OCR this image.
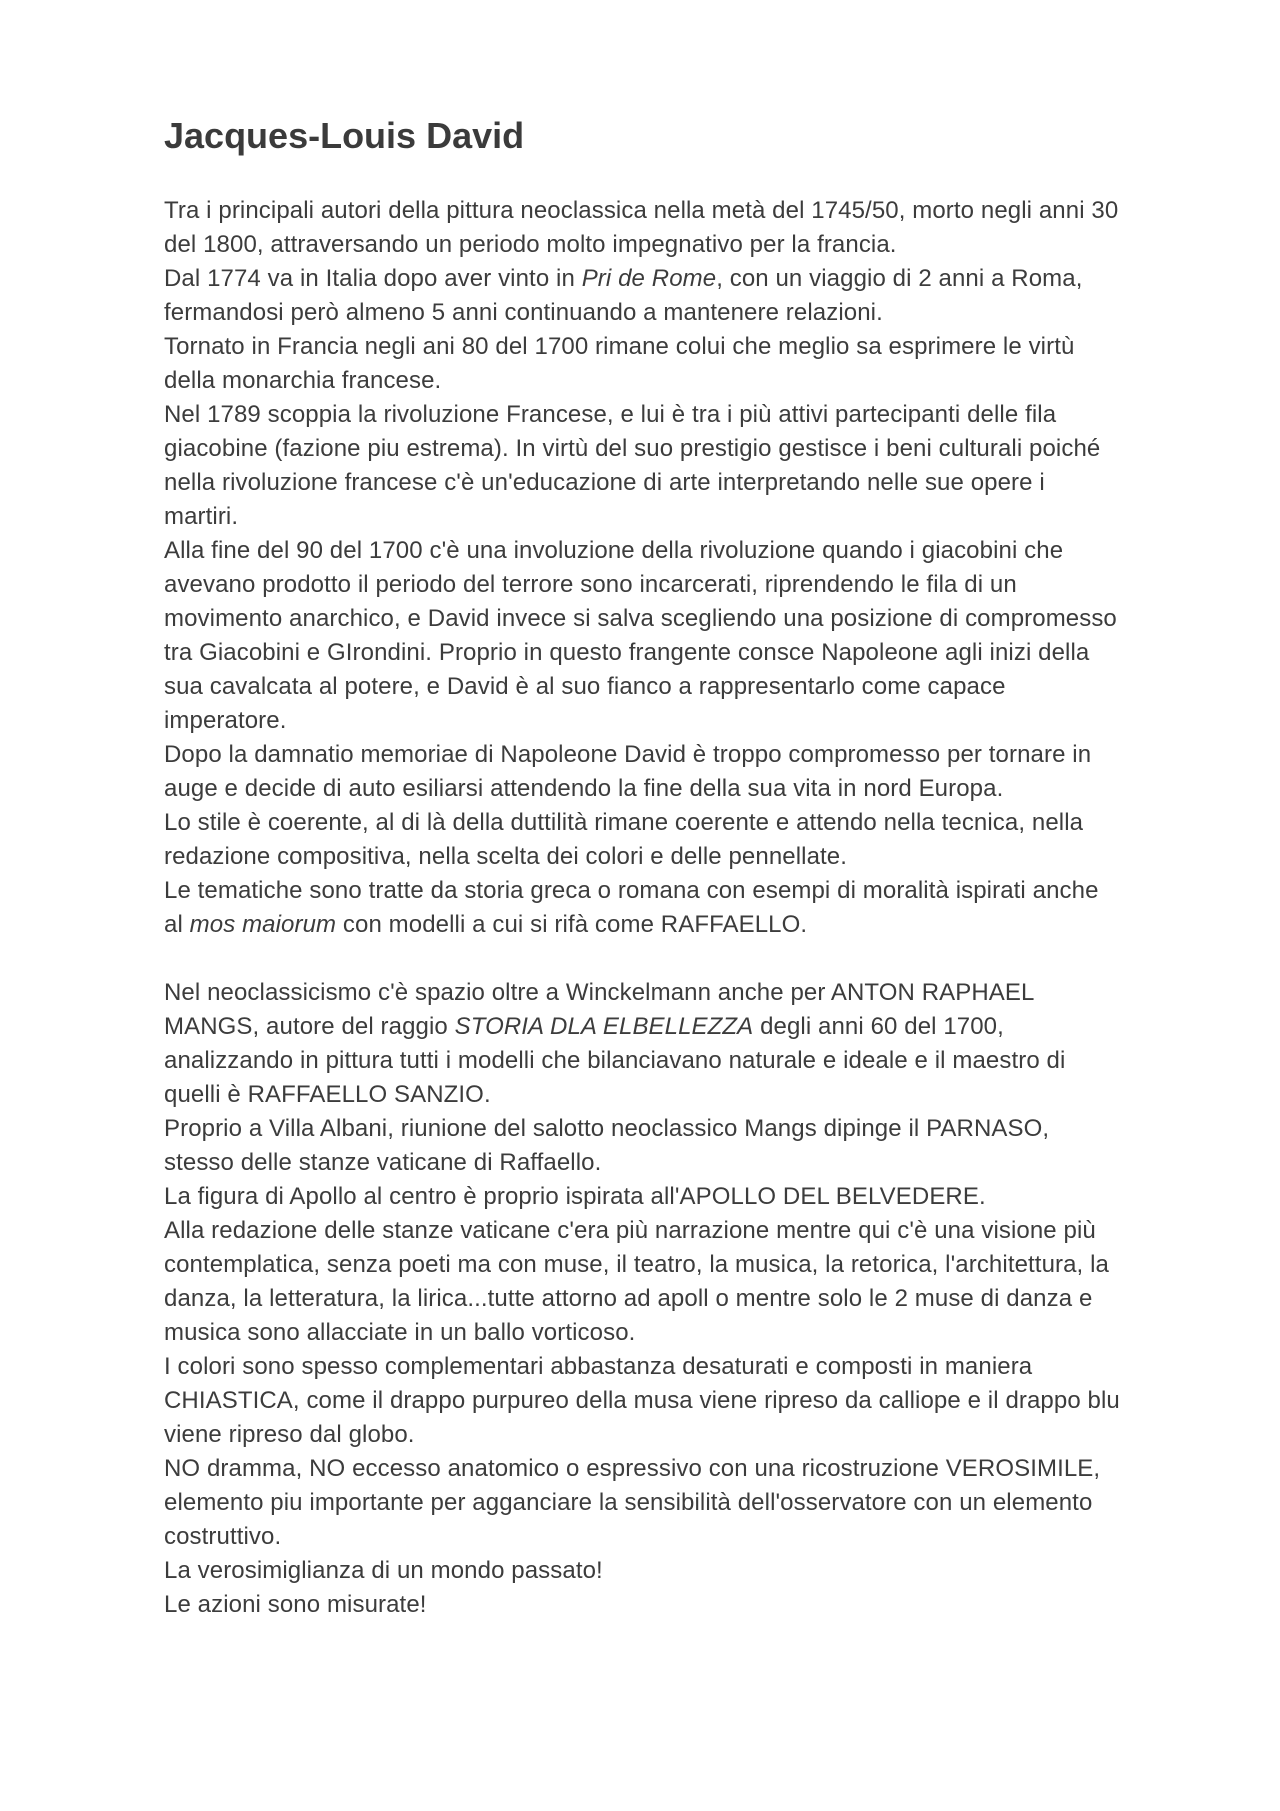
Jacques-Louis David

Tra i principali autori della pittura neoclassica nella metà del 1745/50, morto negli anni 30 del 1800, attraversando un periodo molto impegnativo per la francia.

Dal 1774 va in Italia dopo aver vinto in Pri de Rome, con un viaggio di 2 anni a Roma, fermandosi però almeno 5 anni continuando a mantenere relazioni.

Tornato in Francia negli ani 80 del 1700 rimane colui che meglio sa esprimere le virtù della monarchia francese.

Nel 1789 scoppia la rivoluzione Francese, e lui è tra i più attivi partecipanti delle fila giacobine (fazione piu estrema). In virtù del suo prestigio gestisce i beni culturali poiché nella rivoluzione francese c'è un'educazione di arte interpretando nelle sue opere i martiri.

Alla fine del 90 del 1700 c'è una involuzione della rivoluzione quando i giacobini che avevano prodotto il periodo del terrore sono incarcerati, riprendendo le fila di un movimento anarchico, e David invece si salva scegliendo una posizione di compromesso tra Giacobini e GIrondini. Proprio in questo frangente consce Napoleone agli inizi della sua cavalcata al potere, e David è al suo fianco a rappresentarlo come capace imperatore.

Dopo la damnatio memoriae di Napoleone David è troppo compromesso per tornare in auge e decide di auto esiliarsi attendendo la fine della sua vita in nord Europa.

Lo stile è coerente, al di là della duttilità rimane coerente e attendo nella tecnica, nella redazione compositiva, nella scelta dei colori e delle pennellate.

Le tematiche sono tratte da storia greca o romana con esempi di moralità ispirati anche al mos maiorum con modelli a cui si rifà come RAFFAELLO.

Nel neoclassicismo c'è spazio oltre a Winckelmann anche per ANTON RAPHAEL MANGS, autore del raggio STORIA DLA ELBELLEZZA degli anni 60 del 1700, analizzando in pittura tutti i modelli che bilanciavano naturale e ideale e il maestro di quelli è RAFFAELLO SANZIO.

Proprio a Villa Albani, riunione del salotto neoclassico Mangs dipinge il PARNASO, stesso delle stanze vaticane di Raffaello.

La figura di Apollo al centro è proprio ispirata all'APOLLO DEL BELVEDERE.

Alla redazione delle stanze vaticane c'era più narrazione mentre qui c'è una visione più contemplatica, senza poeti ma con muse, il teatro, la musica, la retorica, l'architettura, la danza, la letteratura, la lirica...tutte attorno ad apoll o mentre solo le 2 muse di danza e musica sono allacciate in un ballo vorticoso.

I colori sono spesso complementari abbastanza desaturati e composti in maniera CHIASTICA, come il drappo purpureo della musa viene ripreso da calliope e il drappo blu viene ripreso dal globo.

NO dramma, NO eccesso anatomico o espressivo con una ricostruzione VEROSIMILE, elemento piu importante per agganciare la sensibilità dell'osservatore con un elemento costruttivo.

La verosimiglianza di un mondo passato!

Le azioni sono misurate!
